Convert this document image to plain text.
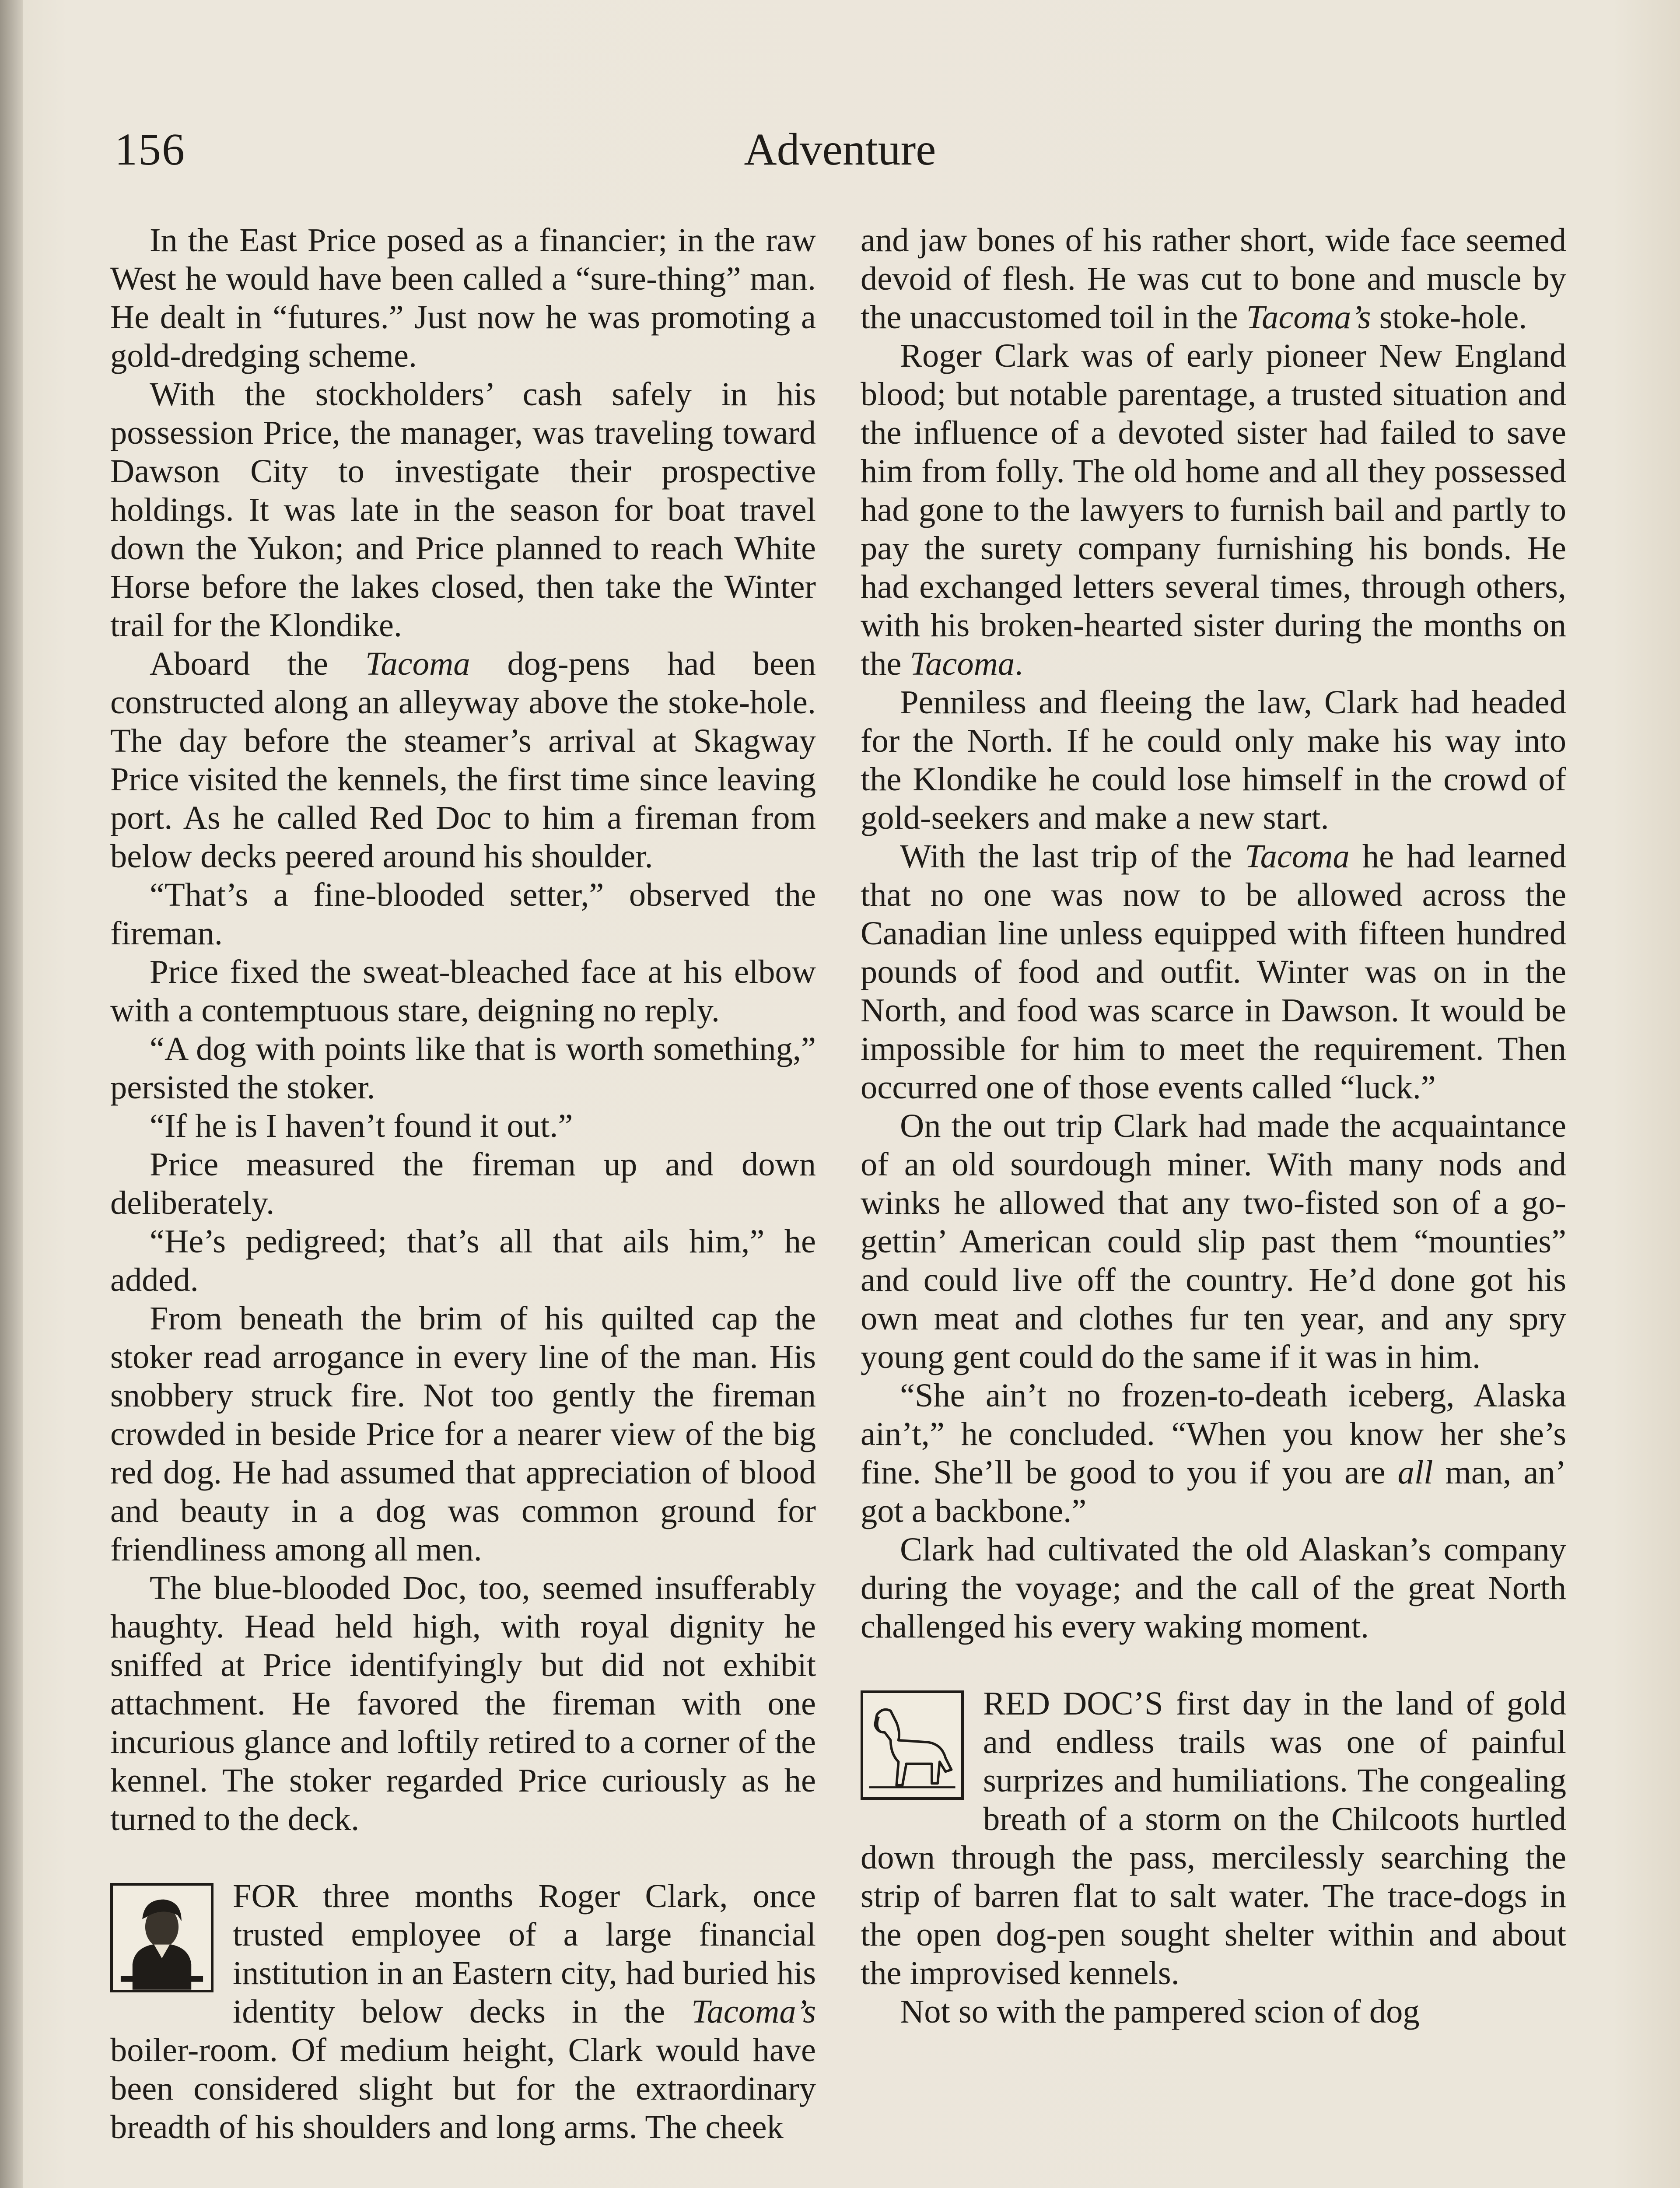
156	Adventure

In the East Price posed as a financier; in the raw West he would have been called a “sure-thing” man. He dealt in “futures.” Just now he was promoting a gold-dredging scheme.

With the stockholders’ cash safely in his possession Price, the manager, was traveling toward Dawson City to investigate their prospective holdings. It was late in the season for boat travel down the Yukon; and Price planned to reach White Horse before the lakes closed, then take the Winter trail for the Klondike.

Aboard the Tacoma dog-pens had been constructed along an alleyway above the stoke-hole. The day before the steamer’s arrival at Skagway Price visited the kennels, the first time since leaving port. As he called Red Doc to him a fireman from below decks peered around his shoulder.

“That’s a fine-blooded setter,” observed the fireman.

Price fixed the sweat-bleached face at his elbow with a contemptuous stare, deigning no reply.

“A dog with points like that is worth something,” persisted the stoker.

“If he is I haven’t found it out.”

Price measured the fireman up and down deliberately.

“He’s pedigreed; that’s all that ails him,” he added.

From beneath the brim of his quilted cap the stoker read arrogance in every line of the man. His snobbery struck fire. Not too gently the fireman crowded in beside Price for a nearer view of the big red dog. He had assumed that appreciation of blood and beauty in a dog was common ground for friendliness among all men.

The blue-blooded Doc, too, seemed insufferably haughty. Head held high, with royal dignity he sniffed at Price identifyingly but did not exhibit attachment. He favored the fireman with one incurious glance and loftily retired to a corner of the kennel. The stoker regarded Price curiously as he turned to the deck.

FOR three months Roger Clark, once trusted employee of a large financial institution in an Eastern city, had buried his identity below decks in the Tacoma’s boiler-room. Of medium height, Clark would have been considered slight but for the extraordinary breadth of his shoulders and long arms. The cheek

and jaw bones of his rather short, wide face seemed devoid of flesh. He was cut to bone and muscle by the unaccustomed toil in the Tacoma’s stoke-hole.

Roger Clark was of early pioneer New England blood; but notable parentage, a trusted situation and the influence of a devoted sister had failed to save him from folly. The old home and all they possessed had gone to the lawyers to furnish bail and partly to pay the surety company furnishing his bonds. He had exchanged letters several times, through others, with his broken-hearted sister during the months on the Tacoma.

Penniless and fleeing the law, Clark had headed for the North. If he could only make his way into the Klondike he could lose himself in the crowd of gold-seekers and make a new start.

With the last trip of the Tacoma he had learned that no one was now to be allowed across the Canadian line unless equipped with fifteen hundred pounds of food and outfit. Winter was on in the North, and food was scarce in Dawson. It would be impossible for him to meet the requirement. Then occurred one of those events called “luck.”

On the out trip Clark had made the acquaintance of an old sourdough miner. With many nods and winks he allowed that any two-fisted son of a go-gettin’ American could slip past them “mounties” and could live off the country. He’d done got his own meat and clothes fur ten year, and any spry young gent could do the same if it was in him.

“She ain’t no frozen-to-death iceberg, Alaska ain’t,” he concluded. “When you know her she’s fine. She’ll be good to you if you are all man, an’ got a backbone.”

Clark had cultivated the old Alaskan’s company during the voyage; and the call of the great North challenged his every waking moment.

RED DOC’S first day in the land of gold and endless trails was one of painful surprizes and humiliations. The congealing breath of a storm on the Chilcoots hurtled down through the pass, mercilessly searching the strip of barren flat to salt water. The trace-dogs in the open dog-pen sought shelter within and about the improvised kennels.

Not so with the pampered scion of dog
